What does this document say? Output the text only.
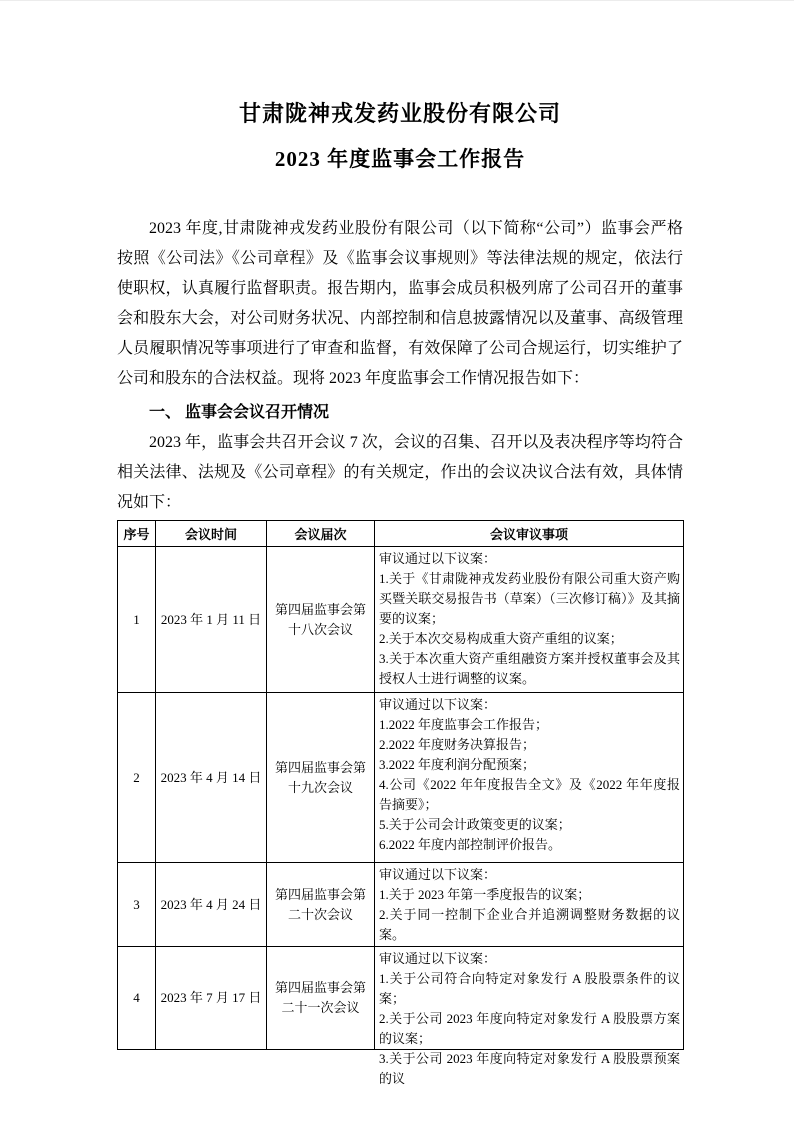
甘肃陇神戎发药业股份有限公司
2023 年度监事会工作报告

2023 年度,甘肃陇神戎发药业股份有限公司（以下简称“公司”）监事会严格按照《公司法》《公司章程》及《监事会议事规则》等法律法规的规定，依法行使职权，认真履行监督职责。报告期内，监事会成员积极列席了公司召开的董事会和股东大会，对公司财务状况、内部控制和信息披露情况以及董事、高级管理人员履职情况等事项进行了审查和监督，有效保障了公司合规运行，切实维护了公司和股东的合法权益。现将 2023 年度监事会工作情况报告如下：

一、 监事会会议召开情况

2023 年，监事会共召开会议 7 次，会议的召集、召开以及表决程序等均符合相关法律、法规及《公司章程》的有关规定，作出的会议决议合法有效，具体情况如下：

序号	会议时间	会议届次	会议审议事项
1	2023 年 1 月 11 日	第四届监事会第十八次会议	审议通过以下议案：
1.关于《甘肃陇神戎发药业股份有限公司重大资产购买暨关联交易报告书（草案）（三次修订稿）》及其摘要的议案；
2.关于本次交易构成重大资产重组的议案；
3.关于本次重大资产重组融资方案并授权董事会及其授权人士进行调整的议案。

2	2023 年 4 月 14 日	第四届监事会第十九次会议	
审议通过以下议案：
1.2022 年度监事会工作报告；
2.2022 年度财务决算报告；
3.2022 年度利润分配预案；
4.公司《2022 年年度报告全文》及《2022 年年度报告摘要》；
5.关于公司会计政策变更的议案；
6.2022 年度内部控制评价报告。

3	2023 年 4 月 24 日	第四届监事会第二十次会议	审议通过以下议案：
1.关于 2023 年第一季度报告的议案；
2.关于同一控制下企业合并追溯调整财务数据的议案。

4	2023 年 7 月 17 日	第四届监事会第二十一次会议	审议通过以下议案：
1.关于公司符合向特定对象发行 A 股股票条件的议案；
2.关于公司 2023 年度向特定对象发行 A 股股票方案的议案；
3.关于公司 2023 年度向特定对象发行 A 股股票预案的议
